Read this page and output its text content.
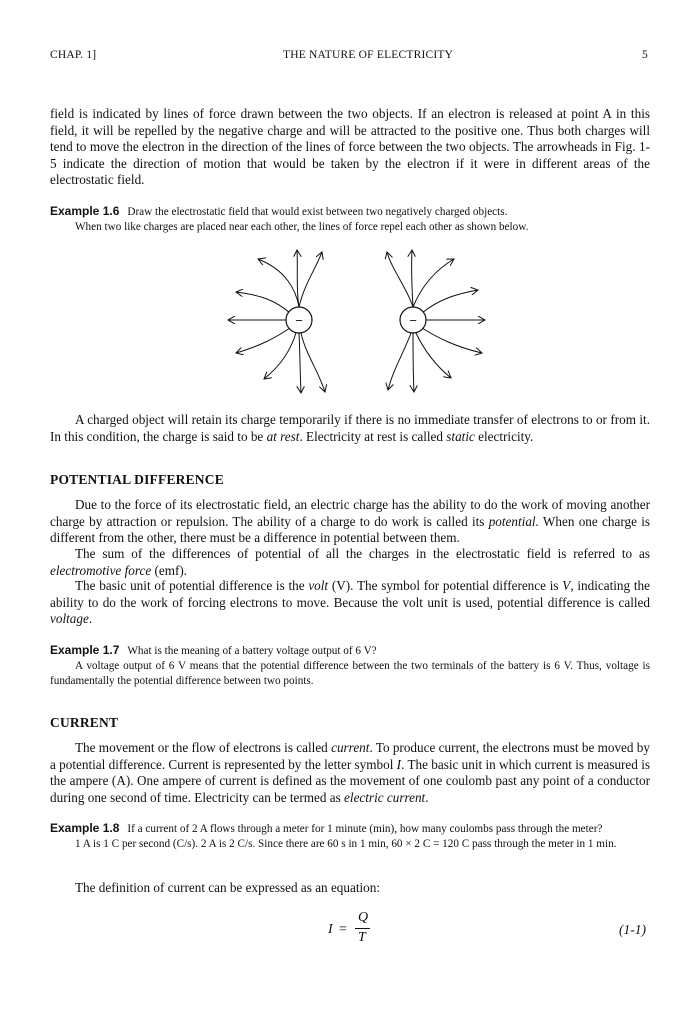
CHAP. 1]	THE NATURE OF ELECTRICITY	5

field is indicated by lines of force drawn between the two objects. If an electron is released at point A in this field, it will be repelled by the negative charge and will be attracted to the positive one. Thus both charges will tend to move the electron in the direction of the lines of force between the two objects. The arrowheads in Fig. 1-5 indicate the direction of motion that would be taken by the electron if it were in different areas of the electrostatic field.

Example 1.6 Draw the electrostatic field that would exist between two negatively charged objects.
When two like charges are placed near each other, the lines of force repel each other as shown below.
−	−

A charged object will retain its charge temporarily if there is no immediate transfer of electrons to or from it. In this condition, the charge is said to be at rest. Electricity at rest is called static electricity.

POTENTIAL DIFFERENCE

Due to the force of its electrostatic field, an electric charge has the ability to do the work of moving another charge by attraction or repulsion. The ability of a charge to do work is called its potential. When one charge is different from the other, there must be a difference in potential between them.

The sum of the differences of potential of all the charges in the electrostatic field is referred to as electromotive force (emf).

The basic unit of potential difference is the volt (V). The symbol for potential difference is V, indicating the ability to do the work of forcing electrons to move. Because the volt unit is used, potential difference is called voltage.

Example 1.7 What is the meaning of a battery voltage output of 6 V?
A voltage output of 6 V means that the potential difference between the two terminals of the battery is 6 V. Thus, voltage is fundamentally the potential difference between two points.
CURRENT

The movement or the flow of electrons is called current. To produce current, the electrons must be moved by a potential difference. Current is represented by the letter symbol I. The basic unit in which current is measured is the ampere (A). One ampere of current is defined as the movement of one coulomb past any point of a conductor during one second of time. Electricity can be termed as electric current.

Example 1.8 If a current of 2 A flows through a meter for 1 minute (min), how many coulombs pass through the meter?
1 A is 1 C per second (C/s). 2 A is 2 C/s. Since there are 60 s in 1 min, 60 × 2 C = 120 C pass through the meter in 1 min.

The definition of current can be expressed as an equation:

I =
Q
T
(1-1)
